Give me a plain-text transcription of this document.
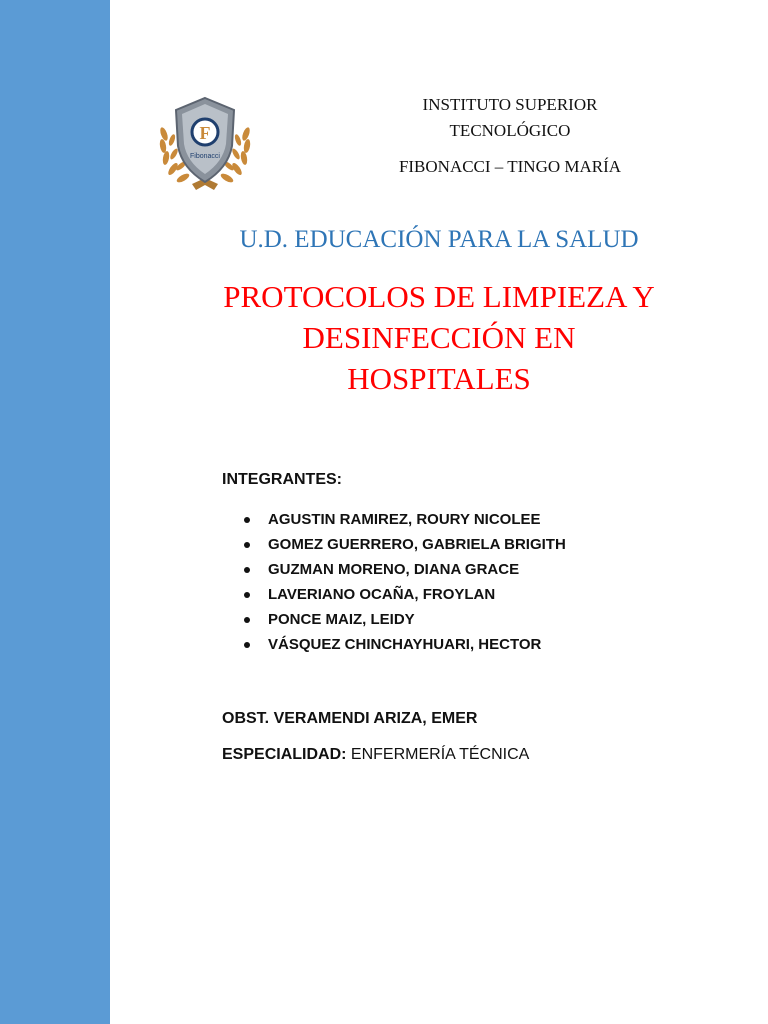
F
Fibonacci
INSTITUTO SUPERIOR
TECNOLÓGICO
FIBONACCI – TINGO MARÍA
U.D. EDUCACIÓN PARA LA SALUD
PROTOCOLOS DE LIMPIEZA Y
DESINFECCIÓN EN
HOSPITALES
INTEGRANTES:
AGUSTIN RAMIREZ, ROURY NICOLEE
GOMEZ GUERRERO, GABRIELA BRIGITH
GUZMAN MORENO, DIANA GRACE
LAVERIANO OCAÑA, FROYLAN
PONCE MAIZ, LEIDY
VÁSQUEZ CHINCHAYHUARI, HECTOR
OBST. VERAMENDI ARIZA, EMER
ESPECIALIDAD: ENFERMERÍA TÉCNICA
